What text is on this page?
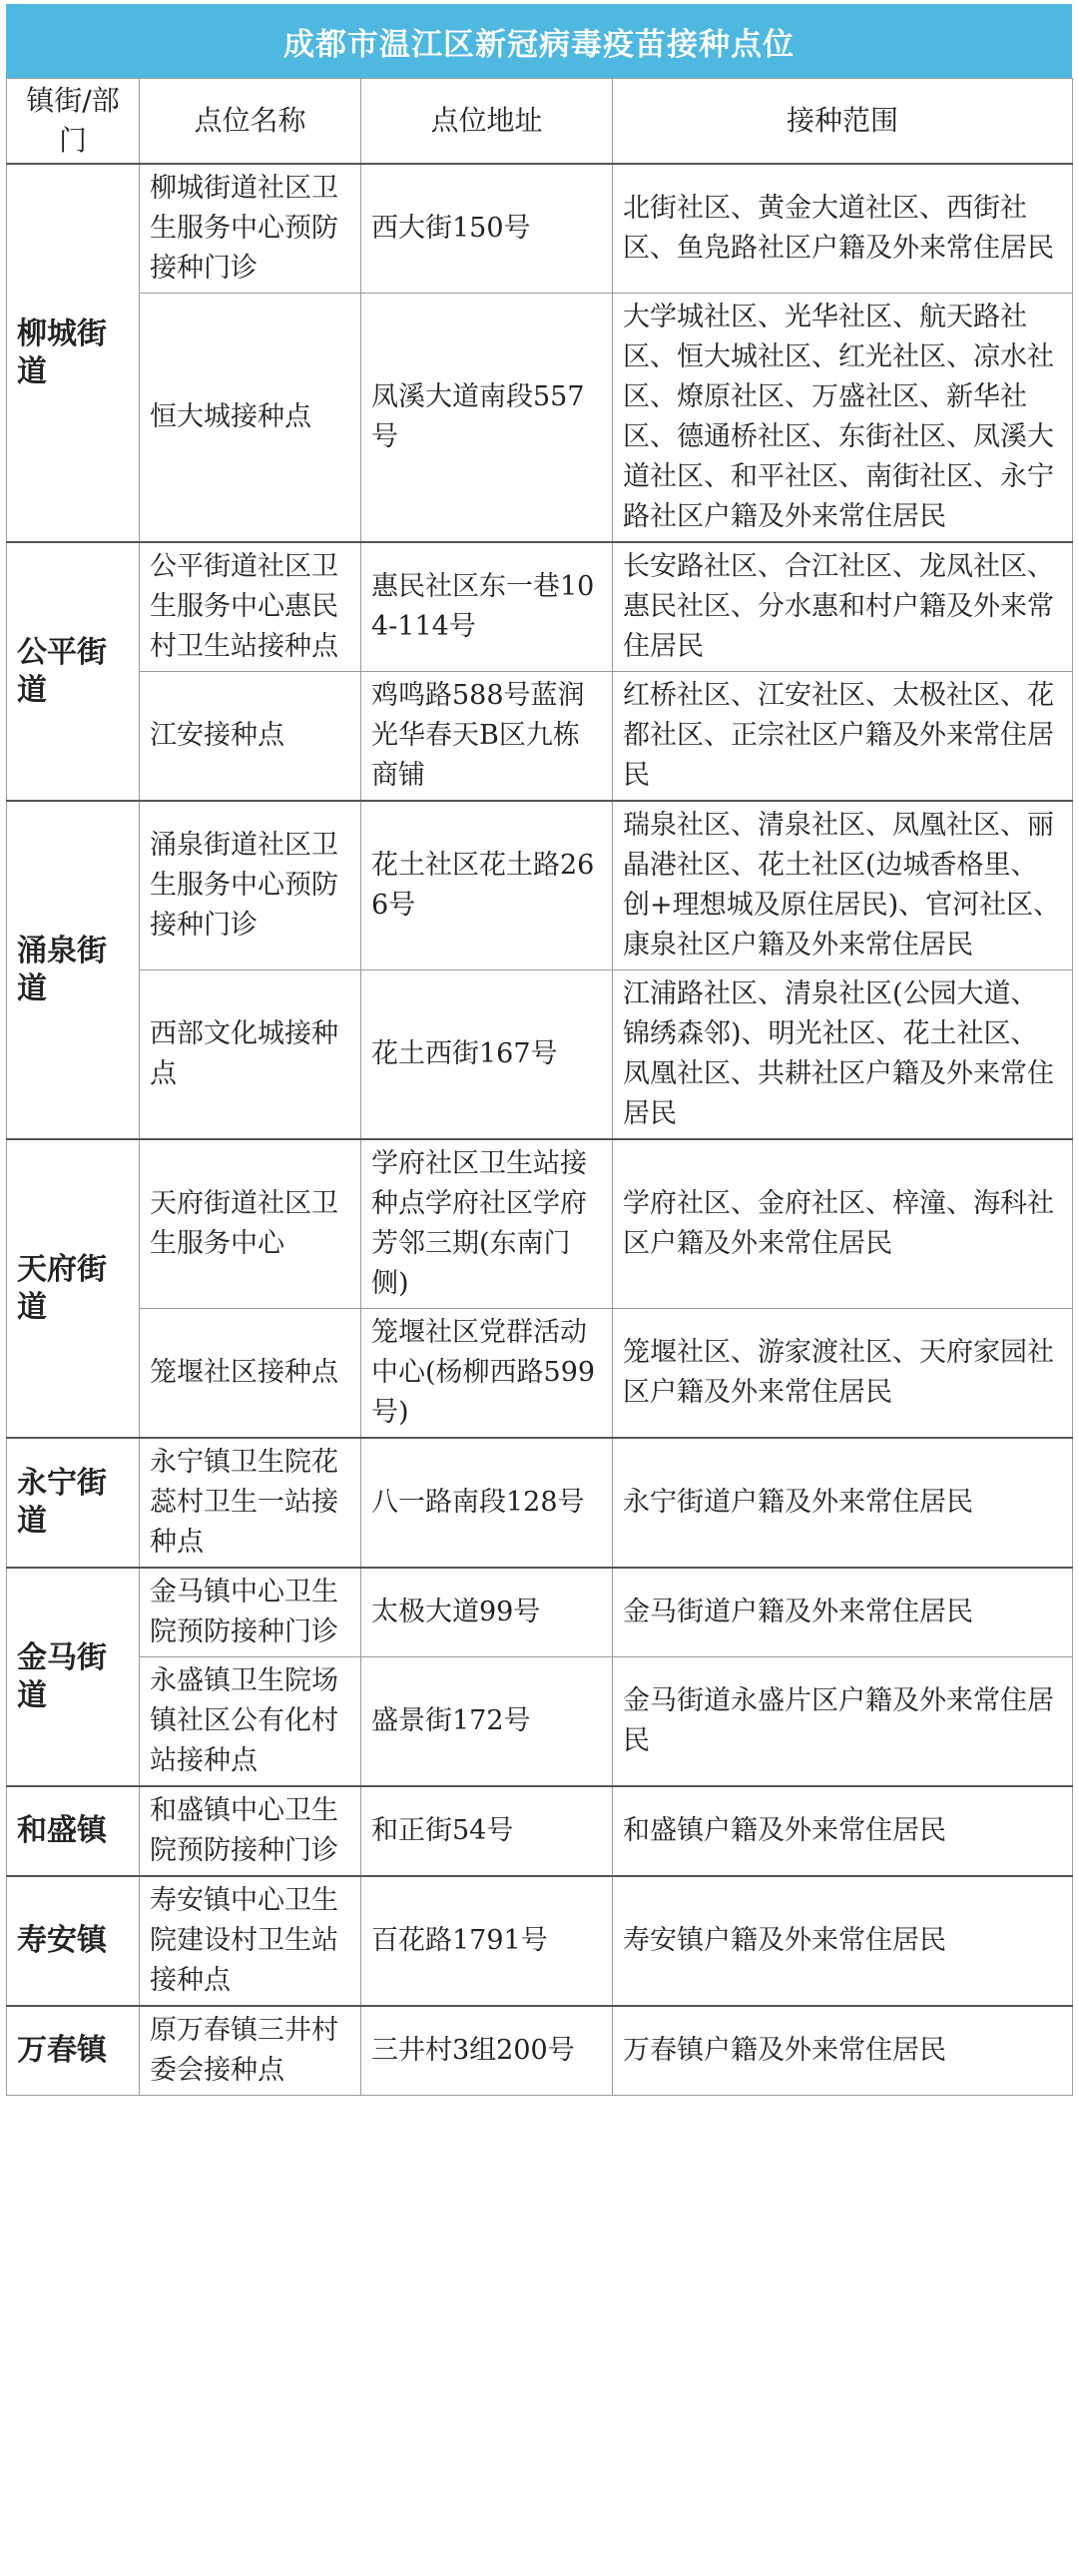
成都市温江区新冠病毒疫苗接种点位
镇街/部门	点位名称	点位地址	接种范围
柳城街道	柳城街道社区卫生服务中心预防接种门诊	西大街150号	北街社区、黄金大道社区、西街社区、鱼凫路社区户籍及外来常住居民
	恒大城接种点	凤溪大道南段557号	大学城社区、光华社区、航天路社区、恒大城社区、红光社区、凉水社区、燎原社区、万盛社区、新华社区、德通桥社区、东街社区、凤溪大道社区、和平社区、南街社区、永宁路社区户籍及外来常住居民
公平街道	公平街道社区卫生服务中心惠民村卫生站接种点	惠民社区东一巷104-114号	长安路社区、合江社区、龙凤社区、惠民社区、分水惠和村户籍及外来常住居民
	江安接种点	鸡鸣路588号蓝润光华春天B区九栋商铺	红桥社区、江安社区、太极社区、花都社区、正宗社区户籍及外来常住居民
涌泉街道	涌泉街道社区卫生服务中心预防接种门诊	花土社区花土路266号	瑞泉社区、清泉社区、凤凰社区、丽晶港社区、花土社区(边城香格里、创+理想城及原住居民)、官河社区、康泉社区户籍及外来常住居民
	西部文化城接种点	花土西街167号	江浦路社区、清泉社区(公园大道、锦绣森邻)、明光社区、花土社区、凤凰社区、共耕社区户籍及外来常住居民
天府街道	天府街道社区卫生服务中心	学府社区卫生站接种点学府社区学府芳邻三期(东南门侧)	学府社区、金府社区、梓潼、海科社区户籍及外来常住居民
	笼堰社区接种点	笼堰社区党群活动中心(杨柳西路599号)	笼堰社区、游家渡社区、天府家园社区户籍及外来常住居民
永宁街道	永宁镇卫生院花蕊村卫生一站接种点	八一路南段128号	永宁街道户籍及外来常住居民
金马街道	金马镇中心卫生院预防接种门诊	太极大道99号	金马街道户籍及外来常住居民
	永盛镇卫生院场镇社区公有化村站接种点	盛景街172号	金马街道永盛片区户籍及外来常住居民
和盛镇	和盛镇中心卫生院预防接种门诊	和正街54号	和盛镇户籍及外来常住居民
寿安镇	寿安镇中心卫生院建设村卫生站接种点	百花路1791号	寿安镇户籍及外来常住居民
万春镇	原万春镇三井村委会接种点	三井村3组200号	万春镇户籍及外来常住居民
